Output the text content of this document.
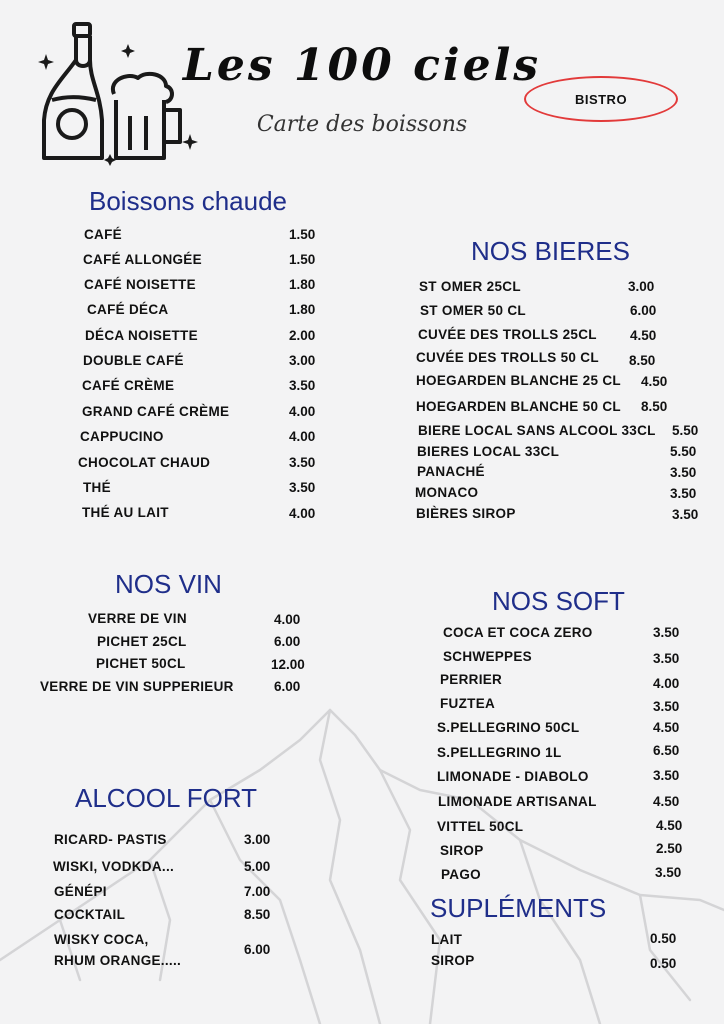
Les 100 ciels
Carte des boissons
BISTRO
Boissons chaude
CAFÉ	1.50
CAFÉ ALLONGÉE	1.50
CAFÉ NOISETTE	1.80
CAFÉ DÉCA	1.80
DÉCA NOISETTE	2.00
DOUBLE CAFÉ	3.00
CAFÉ CRÈME	3.50
GRAND CAFÉ CRÈME	4.00
CAPPUCINO	4.00
CHOCOLAT CHAUD	3.50
THÉ	3.50
THÉ AU LAIT	4.00
NOS BIERES
ST OMER 25CL	3.00
ST OMER 50 CL	6.00
CUVÉE DES TROLLS 25CL 4.50
CUVÉE DES TROLLS 50 CL 8.50
HOEGARDEN BLANCHE 25 CL 4.50
HOEGARDEN BLANCHE 50 CL 8.50
BIERE LOCAL SANS ALCOOL 33CL 5.50
BIERES LOCAL 33CL	5.50
PANACHÉ	3.50
MONACO	3.50
BIÈRES SIROP	3.50
NOS VIN
VERRE DE VIN	4.00
PICHET 25CL	6.00
PICHET 50CL	12.00
VERRE DE VIN SUPPERIEUR	6.00
NOS SOFT
COCA ET COCA ZERO	3.50
SCHWEPPES	3.50
PERRIER	4.00
FUZTEA	3.50
S.PELLEGRINO 50CL	4.50
S.PELLEGRINO 1L	6.50
LIMONADE - DIABOLO	3.50
LIMONADE ARTISANAL	4.50
VITTEL 50CL	4.50
SIROP	2.50
PAGO	3.50
ALCOOL FORT
RICARD- PASTIS	3.00
WISKI, VODKDA...	5.00
GÉNÉPI	7.00
COCKTAIL	8.50
WISKY COCA,
RHUM ORANGE.....
6.00
SUPLÉMENTS
LAIT	0.50
SIROP	0.50
